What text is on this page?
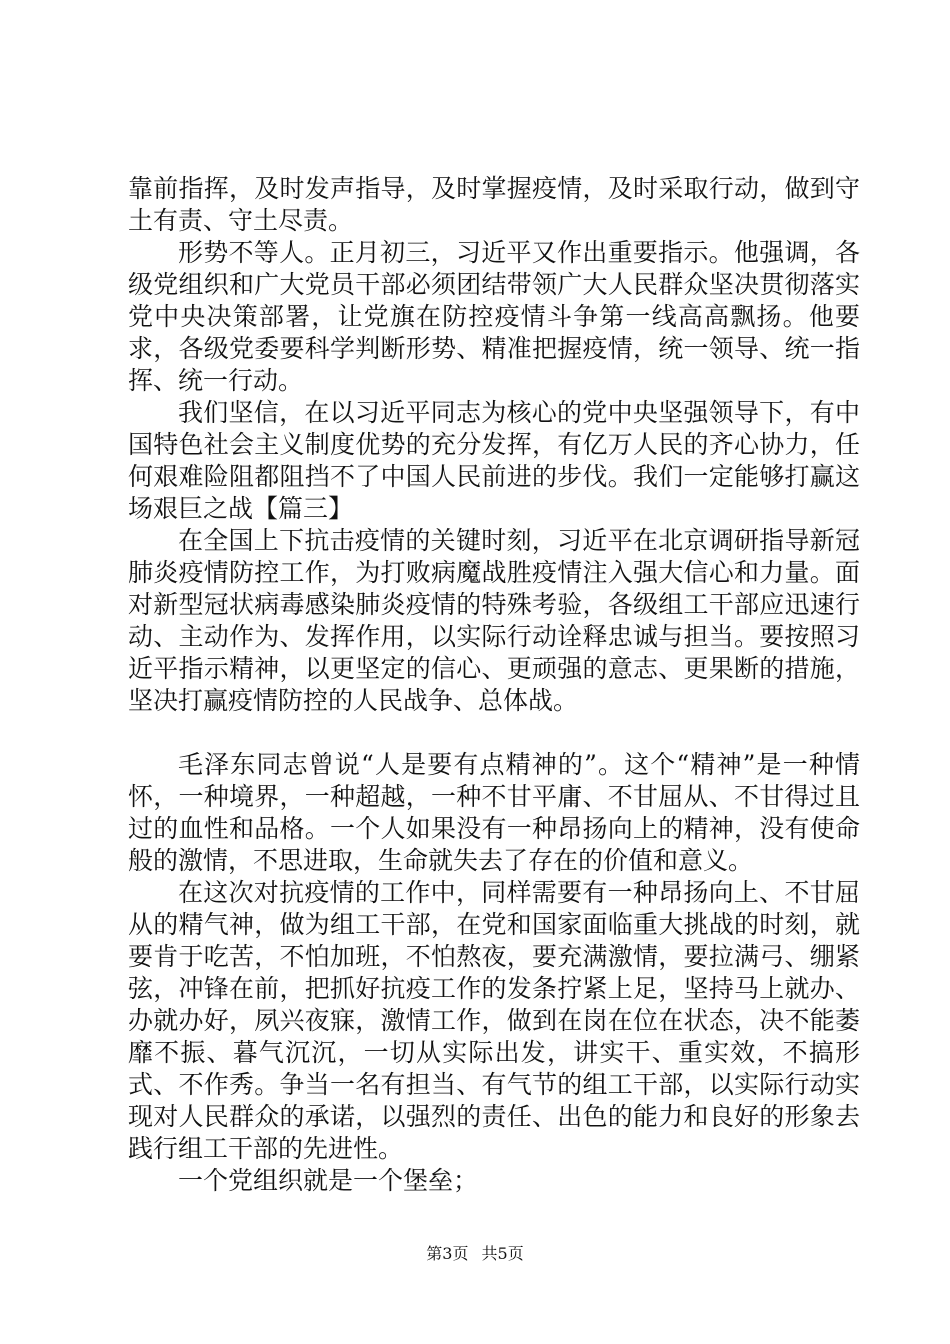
靠前指挥，及时发声指导，及时掌握疫情，及时采取行动，做到守土有责、守土尽责。

形势不等人。正月初三，习近平又作出重要指示。他强调，各级党组织和广大党员干部必须团结带领广大人民群众坚决贯彻落实党中央决策部署，让党旗在防控疫情斗争第一线高高飘扬。他要求，各级党委要科学判断形势、精准把握疫情，统一领导、统一指挥、统一行动。

我们坚信，在以习近平同志为核心的党中央坚强领导下，有中国特色社会主义制度优势的充分发挥，有亿万人民的齐心协力，任何艰难险阻都阻挡不了中国人民前进的步伐。我们一定能够打赢这场艰巨之战【篇三】

在全国上下抗击疫情的关键时刻，习近平在北京调研指导新冠肺炎疫情防控工作，为打败病魔战胜疫情注入强大信心和力量。面对新型冠状病毒感染肺炎疫情的特殊考验，各级组工干部应迅速行动、主动作为、发挥作用，以实际行动诠释忠诚与担当。要按照习近平指示精神，以更坚定的信心、更顽强的意志、更果断的措施，坚决打赢疫情防控的人民战争、总体战。

毛泽东同志曾说“人是要有点精神的”。这个“精神”是一种情怀，一种境界，一种超越，一种不甘平庸、不甘屈从、不甘得过且过的血性和品格。一个人如果没有一种昂扬向上的精神，没有使命般的激情，不思进取，生命就失去了存在的价值和意义。

在这次对抗疫情的工作中，同样需要有一种昂扬向上、不甘屈从的精气神，做为组工干部，在党和国家面临重大挑战的时刻，就要肯于吃苦，不怕加班，不怕熬夜，要充满激情，要拉满弓、绷紧弦，冲锋在前，把抓好抗疫工作的发条拧紧上足，坚持马上就办、办就办好，夙兴夜寐，激情工作，做到在岗在位在状态，决不能萎靡不振、暮气沉沉，一切从实际出发，讲实干、重实效，不搞形式、不作秀。争当一名有担当、有气节的组工干部，以实际行动实现对人民群众的承诺，以强烈的责任、出色的能力和良好的形象去践行组工干部的先进性。

一个党组织就是一个堡垒；

第3页 共5页
